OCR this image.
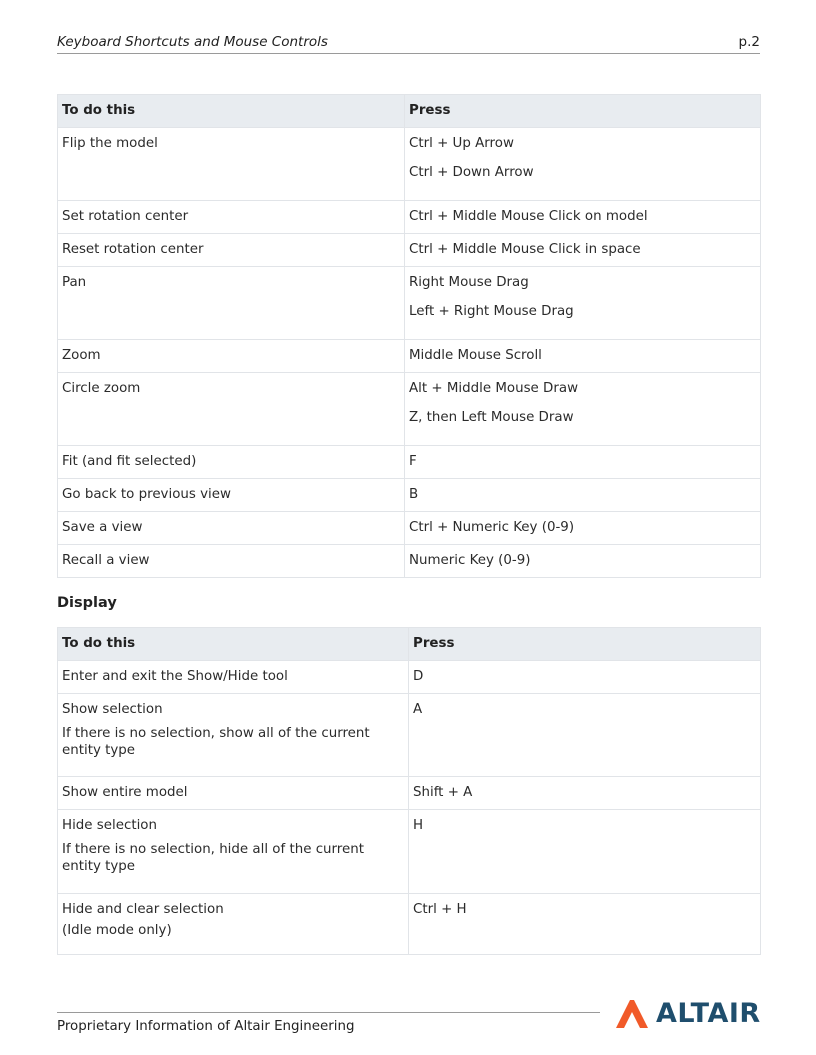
Keyboard Shortcuts and Mouse Controls	p.2
To do this	Press
Flip the model	Ctrl + Up Arrow
Ctrl + Down Arrow

Set rotation center	Ctrl + Middle Mouse Click on model

Reset rotation center	Ctrl + Middle Mouse Click in space

Pan	Right Mouse Drag
Left + Right Mouse Drag

Zoom	Middle Mouse Scroll

Circle zoom	Alt + Middle Mouse Draw
Z, then Left Mouse Draw

Fit (and fit selected)	F

Go back to previous view	B

Save a view	Ctrl + Numeric Key (0-9)

Recall a view	Numeric Key (0-9)
Display
To do this	Press
Enter and exit the Show/Hide tool	D

Show selection
If there is no selection, show all of the current entity type	A

Show entire model	Shift + A

Hide selection
If there is no selection, hide all of the current entity type	H

Hide and clear selection
(Idle mode only)	Ctrl + H
Proprietary Information of Altair Engineering	ALTAIR
